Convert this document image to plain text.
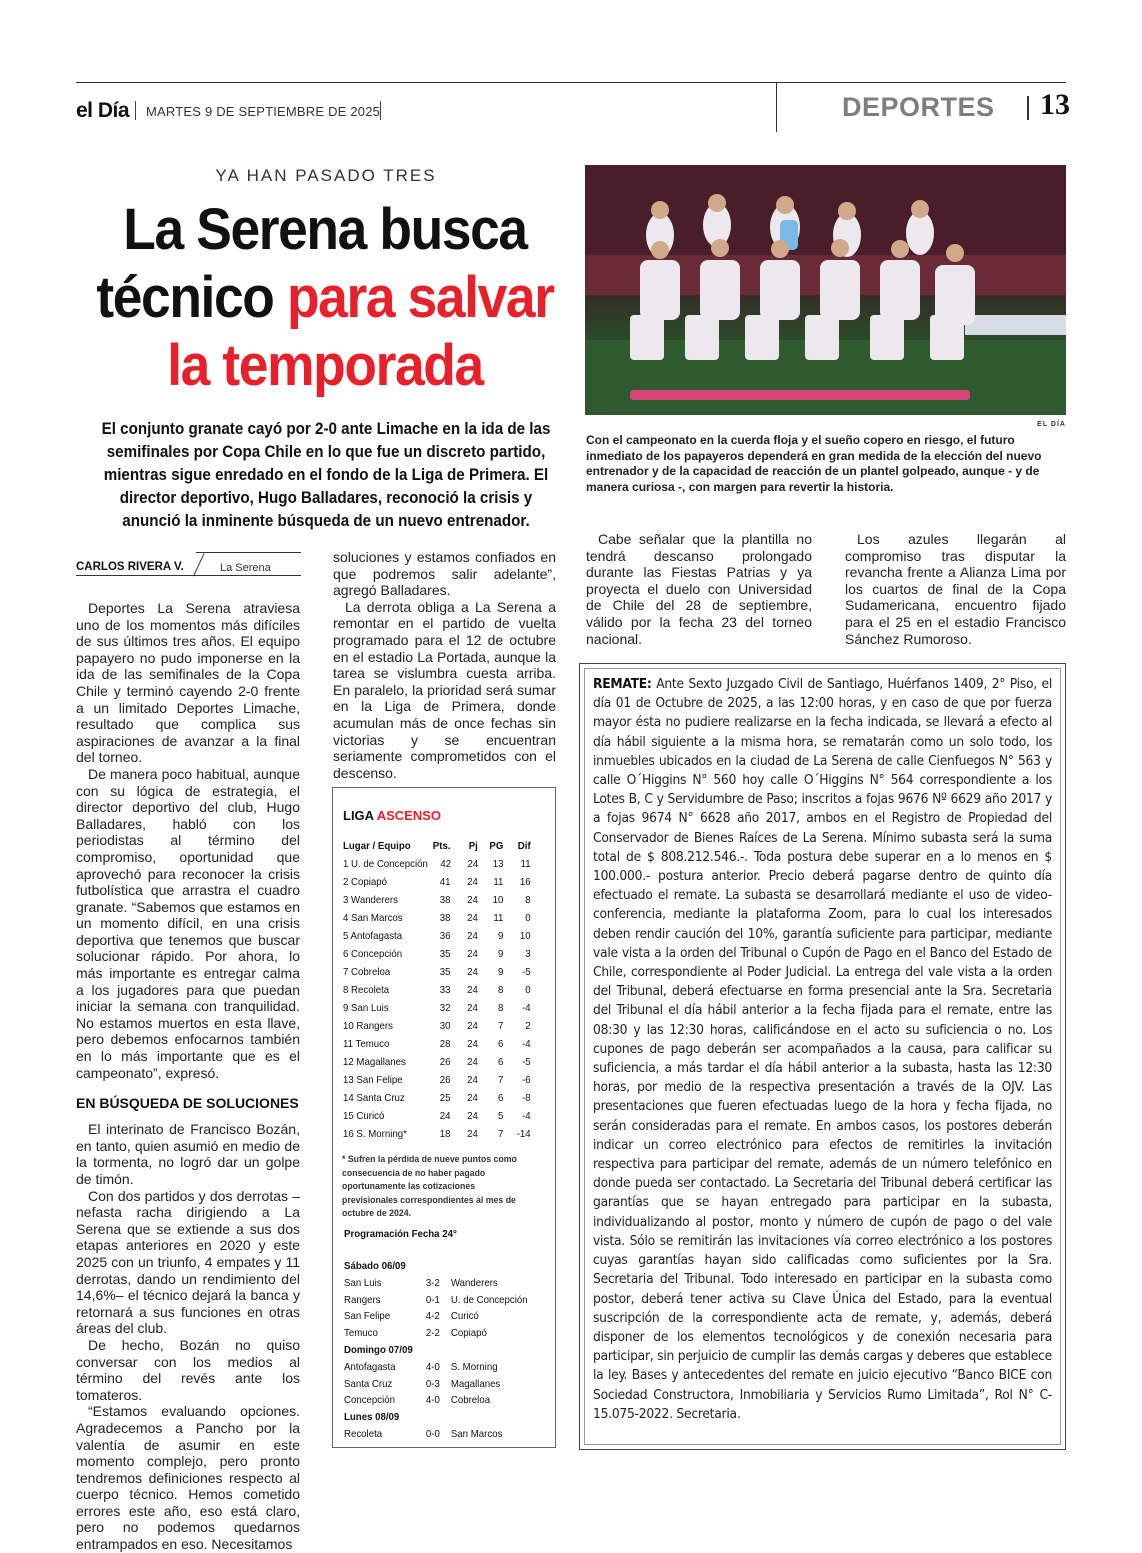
el Día MARTES 9 DE SEPTIEMBRE DE 2025	DEPORTES 13
YA HAN PASADO TRES
La Serena busca técnico para salvar la temporada
El conjunto granate cayó por 2-0 ante Limache en la ida de las semifinales por Copa Chile en lo que fue un discreto partido, mientras sigue enredado en el fondo de la Liga de Primera. El director deportivo, Hugo Balladares, reconoció la crisis y anunció la inminente búsqueda de un nuevo entrenador.
EL DÍA
Con el campeonato en la cuerda floja y el sueño copero en riesgo, el futuro inmediato de los papayeros dependerá en gran medida de la elección del nuevo entrenador y de la capacidad de reacción de un plantel golpeado, aunque - y de manera curiosa -, con margen para revertir la historia.
CARLOS RIVERA V.	La Serena

Deportes La Serena atraviesa uno de los momentos más difíciles de sus últimos tres años. El equipo papayero no pudo imponerse en la ida de las semifinales de la Copa Chile y terminó cayendo 2-0 frente a un limitado Deportes Limache, resultado que complica sus aspiraciones de avanzar a la final del torneo.

De manera poco habitual, aunque con su lógica de estrategia, el director deportivo del club, Hugo Balladares, habló con los periodistas al término del compromiso, oportunidad que aprovechó para reconocer la crisis futbolística que arrastra el cuadro granate. “Sabemos que estamos en un momento difícil, en una crisis deportiva que tenemos que buscar solucionar rápido. Por ahora, lo más importante es entregar calma a los jugadores para que puedan iniciar la semana con tranquilidad. No estamos muertos en esta llave, pero debemos enfocarnos también en lo más importante que es el campeonato”, expresó.

EN BÚSQUEDA DE SOLUCIONES

El interinato de Francisco Bozán, en tanto, quien asumió en medio de la tormenta, no logró dar un golpe de timón.

Con dos partidos y dos derrotas –nefasta racha dirigiendo a La Serena que se extiende a sus dos etapas anteriores en 2020 y este 2025 con un triunfo, 4 empates y 11 derrotas, dando un rendimiento del 14,6%– el técnico dejará la banca y retornará a sus funciones en otras áreas del club.

De hecho, Bozán no quiso conversar con los medios al término del revés ante los tomateros.

“Estamos evaluando opciones. Agradecemos a Pancho por la valentía de asumir en este momento complejo, pero pronto tendremos definiciones respecto al cuerpo técnico. Hemos cometido errores este año, eso está claro, pero no podemos quedarnos entrampados en eso. Necesitamos

soluciones y estamos confiados en que podremos salir adelante”, agregó Balladares.

La derrota obliga a La Serena a remontar en el partido de vuelta programado para el 12 de octubre en el estadio La Portada, aunque la tarea se vislumbra cuesta arriba. En paralelo, la prioridad será sumar en la Liga de Primera, donde acumulan más de once fechas sin victorias y se encuentran seriamente comprometidos con el descenso.

Cabe señalar que la plantilla no tendrá descanso prolongado durante las Fiestas Patrias y ya proyecta el duelo con Universidad de Chile del 28 de septiembre, válido por la fecha 23 del torneo nacional.

Los azules llegarán al compromiso tras disputar la revancha frente a Alianza Lima por los cuartos de final de la Copa Sudamericana, encuentro fijado para el 25 en el estadio Francisco Sánchez Rumoroso.

LIGA ASCENSO
Lugar / Equipo	Pts.	Pj	PG	Dif
1 U. de Concepción	42	24	13	11
2 Copiapó	41	24	11	16
3 Wanderers	38	24	10	8
4 San Marcos	38	24	11	0
5 Antofagasta	36	24	9	10
6 Concepción	35	24	9	3
7 Cobreloa	35	24	9	-5
8 Recoleta	33	24	8	0
9 San Luis	32	24	8	-4
10 Rangers	30	24	7	2
11 Temuco	28	24	6	-4
12 Magallanes	26	24	6	-5
13 San Felipe	26	24	7	-6
14 Santa Cruz	25	24	6	-8
15 Curicó	24	24	5	-4
16 S. Morning*	18	24	7	-14
* Sufren la pérdida de nueve puntos como consecuencia de no haber pagado oportunamente las cotizaciones previsionales correspondientes al mes de octubre de 2024.
Programación Fecha 24°
Sábado 06/09
San Luis	3-2	Wanderers
Rangers	0-1	U. de Concepción
San Felipe	4-2	Curicó
Temuco	2-2	Copiapó
Domingo 07/09
Antofagasta	4-0	S. Morning
Santa Cruz	0-3	Magallanes
Concepción	4-0	Cobreloa
Lunes 08/09
Recoleta	0-0	San Marcos
REMATE: Ante Sexto Juzgado Civil de Santiago, Huérfanos 1409, 2° Piso, el día 01 de Octubre de 2025, a las 12:00 horas, y en caso de que por fuerza mayor ésta no pudiere realizarse en la fecha indicada, se llevará a efecto al día hábil siguiente a la misma hora, se rematarán como un solo todo, los inmuebles ubicados en la ciudad de La Serena de calle Cienfuegos N° 563 y calle O´Higgins N° 560 hoy calle O´Higgins N° 564 correspondiente a los Lotes B, C y Servidumbre de Paso; inscritos a fojas 9676 Nº 6629 año 2017 y a fojas 9674 N° 6628 año 2017, ambos en el Registro de Propiedad del Conservador de Bienes Raíces de La Serena. Mínimo subasta será la suma total de $ 808.212.546.-. Toda postura debe superar en a lo menos en $ 100.000.- postura anterior. Precio deberá pagarse dentro de quinto día efectuado el remate. La subasta se desarrollará mediante el uso de video-conferencia, mediante la plataforma Zoom, para lo cual los interesados deben rendir caución del 10%, garantía suficiente para participar, mediante vale vista a la orden del Tribunal o Cupón de Pago en el Banco del Estado de Chile, correspondiente al Poder Judicial. La entrega del vale vista a la orden del Tribunal, deberá efectuarse en forma presencial ante la Sra. Secretaria del Tribunal el día hábil anterior a la fecha fijada para el remate, entre las 08:30 y las 12:30 horas, calificándose en el acto su suficiencia o no. Los cupones de pago deberán ser acompañados a la causa, para calificar su suficiencia, a más tardar el día hábil anterior a la subasta, hasta las 12:30 horas, por medio de la respectiva presentación a través de la OJV. Las presentaciones que fueren efectuadas luego de la hora y fecha fijada, no serán consideradas para el remate. En ambos casos, los postores deberán indicar un correo electrónico para efectos de remitirles la invitación respectiva para participar del remate, además de un número telefónico en donde pueda ser contactado. La Secretaria del Tribunal deberá certificar las garantías que se hayan entregado para participar en la subasta, individualizando al postor, monto y número de cupón de pago o del vale vista. Sólo se remitirán las invitaciones vía correo electrónico a los postores cuyas garantías hayan sido calificadas como suficientes por la Sra. Secretaria del Tribunal. Todo interesado en participar en la subasta como postor, deberá tener activa su Clave Única del Estado, para la eventual suscripción de la correspondiente acta de remate, y, además, deberá disponer de los elementos tecnológicos y de conexión necesaria para participar, sin perjuicio de cumplir las demás cargas y deberes que establece la ley. Bases y antecedentes del remate en juicio ejecutivo “Banco BICE con Sociedad Constructora, Inmobiliaria y Servicios Rumo Limitada”, Rol N° C-15.075-2022. Secretaria.
